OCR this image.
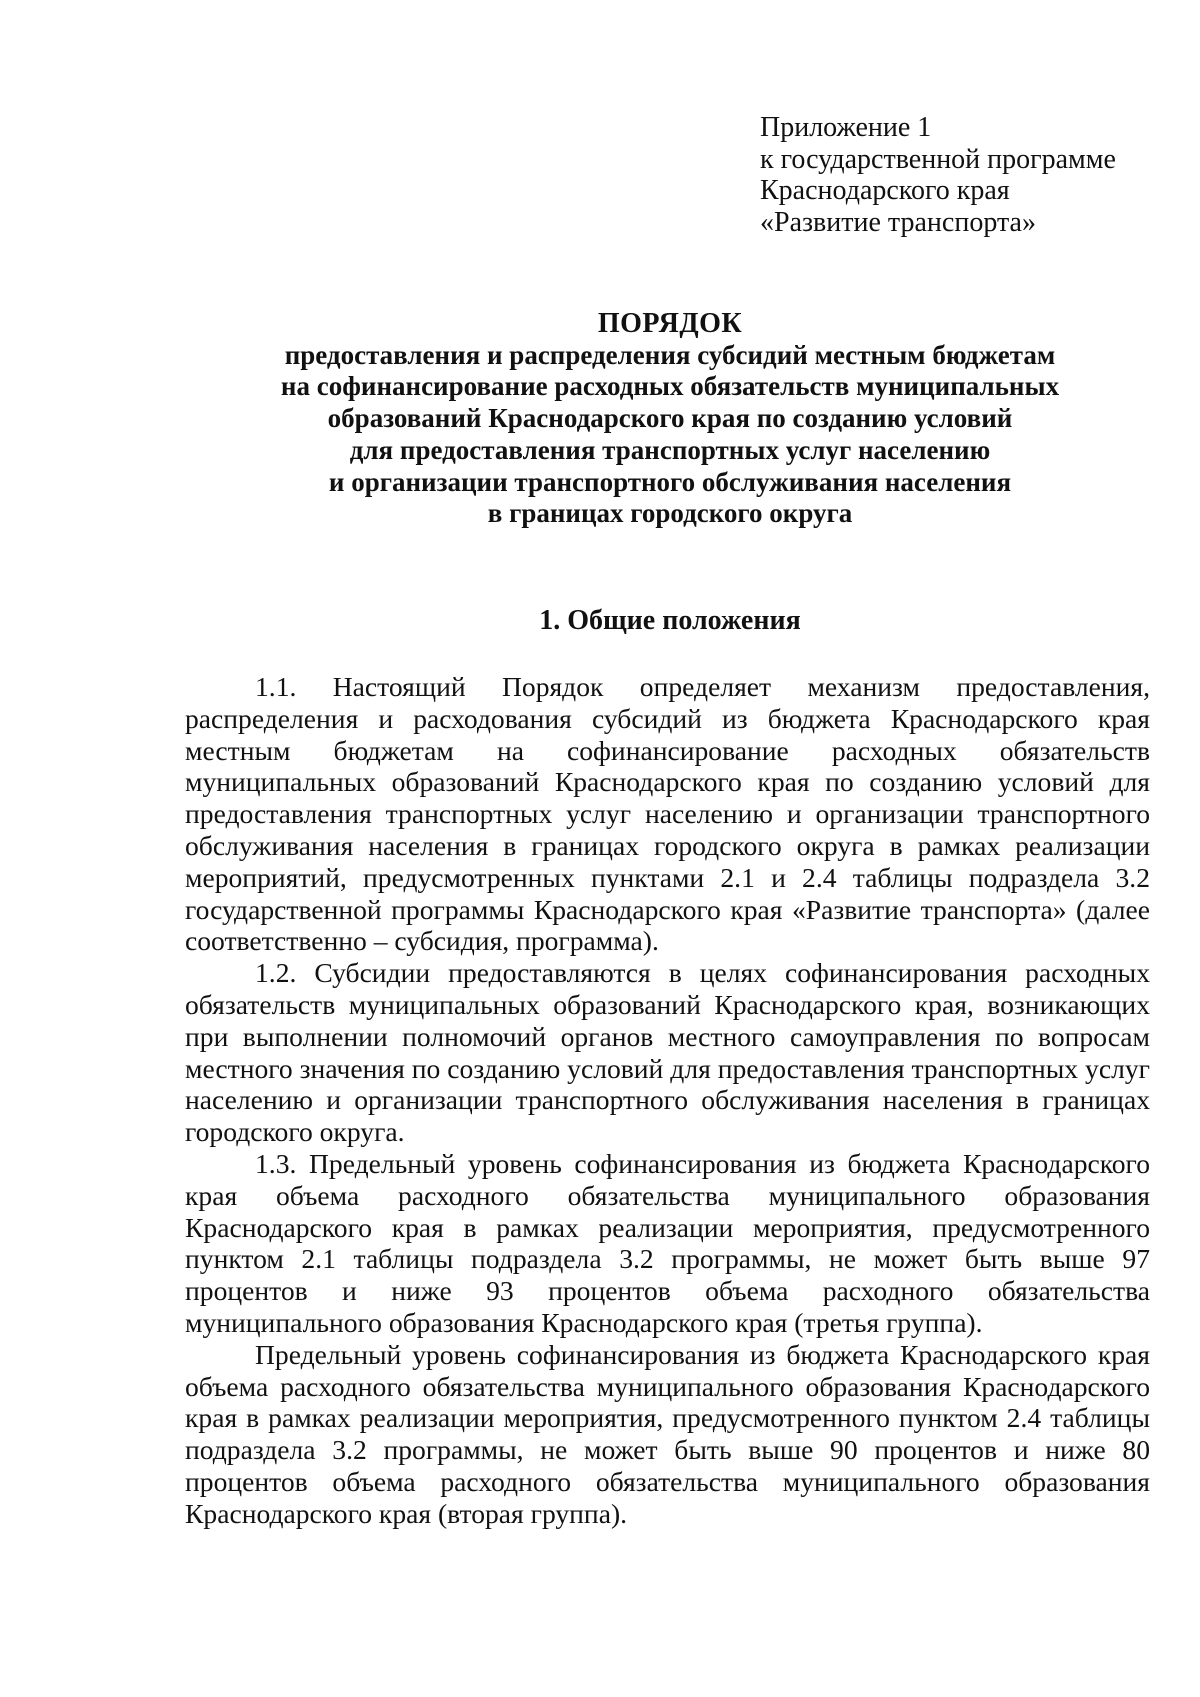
Приложение 1
к государственной программе
Краснодарского края
«Развитие транспорта»
ПОРЯДОК
предоставления и распределения субсидий местным бюджетам
на софинансирование расходных обязательств муниципальных
образований Краснодарского края по созданию условий
для предоставления транспортных услуг населению
и организации транспортного обслуживания населения
в границах городского округа
1. Общие положения

1.1. Настоящий Порядок определяет механизм предоставления, распределения и расходования субсидий из бюджета Краснодарского края местным бюджетам на софинансирование расходных обязательств муниципальных образований Краснодарского края по созданию условий для предоставления транспортных услуг населению и организации транспортного обслуживания населения в границах городского округа в рамках реализации мероприятий, предусмотренных пунктами 2.1 и 2.4 таблицы подраздела 3.2 государственной программы Краснодарского края «Развитие транспорта» (далее соответственно – субсидия, программа).

1.2. Субсидии предоставляются в целях софинансирования расходных обязательств муниципальных образований Краснодарского края, возникающих при выполнении полномочий органов местного самоуправления по вопросам местного значения по созданию условий для предоставления транспортных услуг населению и организации транспортного обслуживания населения в границах городского округа.

1.3. Предельный уровень софинансирования из бюджета Краснодарского края объема расходного обязательства муниципального образования Краснодарского края в рамках реализации мероприятия, предусмотренного пунктом 2.1 таблицы подраздела 3.2 программы, не может быть выше 97 процентов и ниже 93 процентов объема расходного обязательства муниципального образования Краснодарского края (третья группа).

Предельный уровень софинансирования из бюджета Краснодарского края объема расходного обязательства муниципального образования Краснодарского края в рамках реализации мероприятия, предусмотренного пунктом 2.4 таблицы подраздела 3.2 программы, не может быть выше 90 процентов и ниже 80 процентов объема расходного обязательства муниципального образования Краснодарского края (вторая группа).
